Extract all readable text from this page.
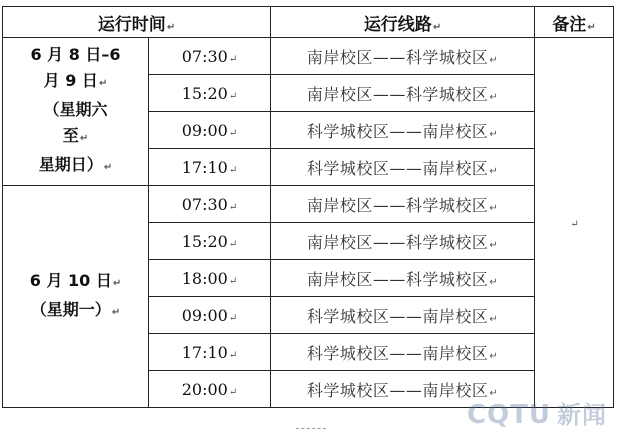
运行时间↵		运行线路↵	备注↵

6 月 8 日–6
月 9 日↵
（星期六
至↵
星期日）↵	07:30↵	南岸校区——科学城校区↵	↵
	15:20↵	南岸校区——科学城校区↵	
	09:00↵	科学城校区——南岸校区↵	
	17:10↵	科学城校区——南岸校区↵	

6 月 10 日↵
（星期一）↵	07:30↵	南岸校区——科学城校区↵	
	15:20↵	南岸校区——科学城校区↵	
	18:00↵	南岸校区——科学城校区↵	
	09:00↵	科学城校区——南岸校区↵	
	17:10↵	科学城校区——南岸校区↵	
	20:00↵	科学城校区——南岸校区↵	
CQTU 新闻
